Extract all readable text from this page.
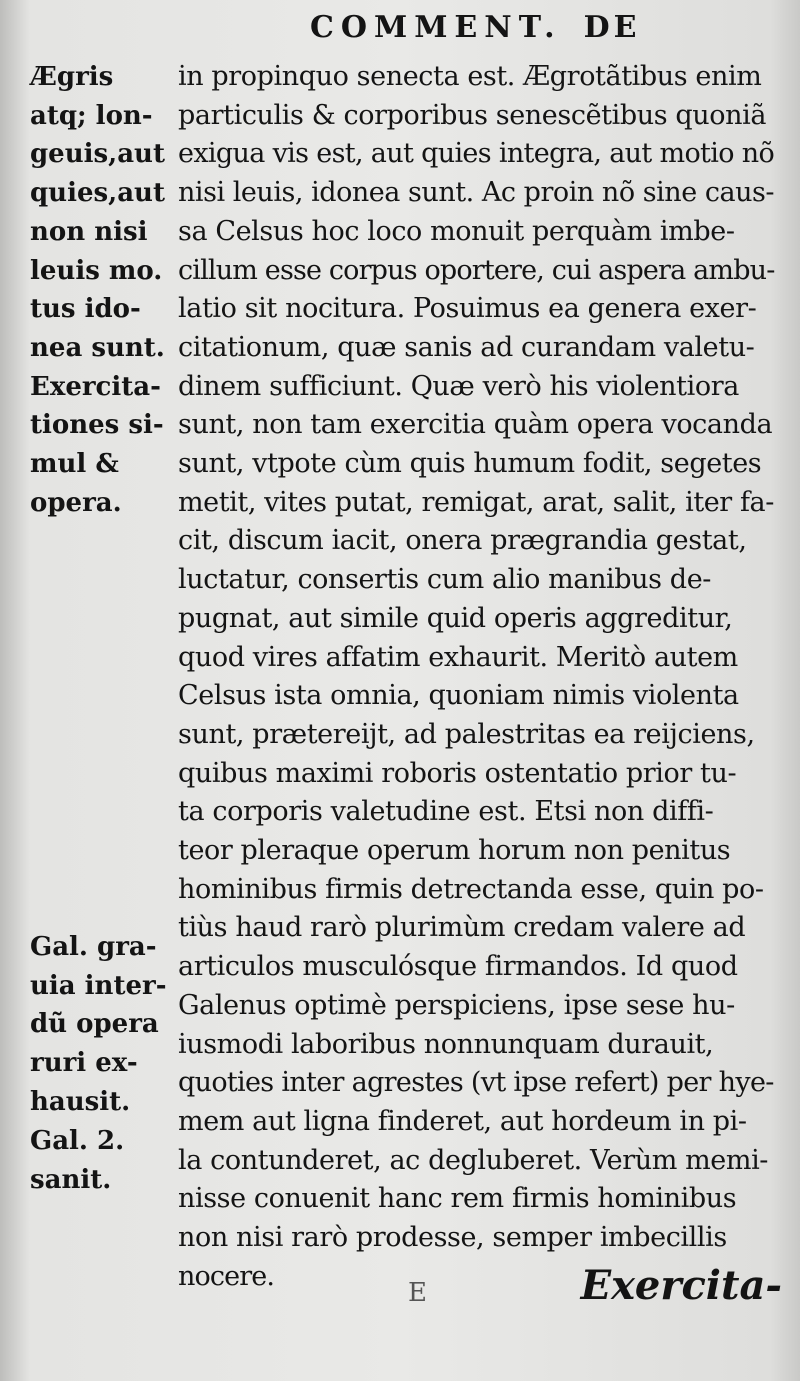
COMMENT. DE
Ægris
atq; lon-
geuis,aut
quies,aut
non nisi
leuis mo.
tus ido-
nea sunt.
Exercita-
tiones si-
mul &
opera.
Gal. gra-
uia inter-
dũ opera
ruri ex-
hausit.
Gal. 2.
sanit.
in propinquo senecta est. Ægrotãtibus enim
particulis & corporibus senescẽtibus quoniã
exigua vis est, aut quies integra, aut motio nõ
nisi leuis, idonea sunt. Ac proin nõ sine caus-
sa Celsus hoc loco monuit perquàm imbe-
cillum esse corpus oportere, cui aspera ambu-
latio sit nocitura. Posuimus ea genera exer-
citationum, quæ sanis ad curandam valetu-
dinem sufficiunt. Quæ verò his violentiora
sunt, non tam exercitia quàm opera vocanda
sunt, vtpote cùm quis humum fodit, segetes
metit, vites putat, remigat, arat, salit, iter fa-
cit, discum iacit, onera prægrandia gestat,
luctatur, consertis cum alio manibus de-
pugnat, aut simile quid operis aggreditur,
quod vires affatim exhaurit. Meritò autem
Celsus ista omnia, quoniam nimis violenta
sunt, prætereijt, ad palestritas ea reijciens,
quibus maximi roboris ostentatio prior tu-
ta corporis valetudine est. Etsi non diffi-
teor pleraque operum horum non penitus
hominibus firmis detrectanda esse, quin po-
tiùs haud rarò plurimùm credam valere ad
articulos musculósque firmandos. Id quod
Galenus optimè perspiciens, ipse sese hu-
iusmodi laboribus nonnunquam durauit,
quoties inter agrestes (vt ipse refert) per hye-
mem aut ligna finderet, aut hordeum in pi-
la contunderet, ac degluberet. Verùm memi-
nisse conuenit hanc rem firmis hominibus
non nisi rarò prodesse, semper imbecillis
nocere.
E	Exercita-
